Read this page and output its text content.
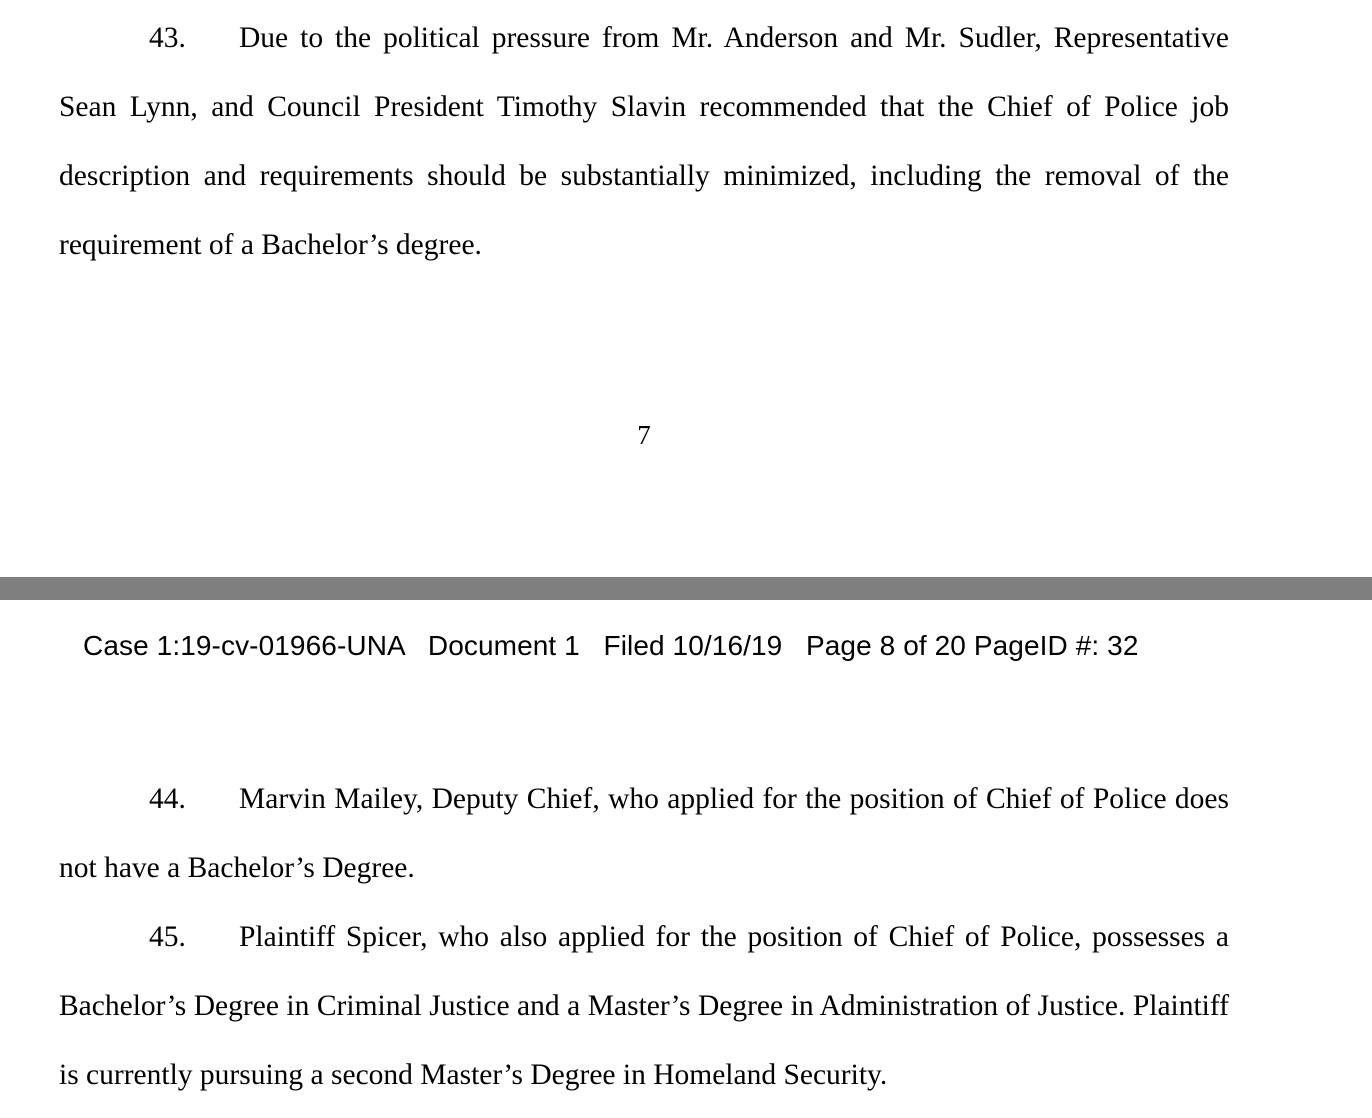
43. Due to the political pressure from Mr. Anderson and Mr. Sudler, Representative
Sean Lynn, and Council President Timothy Slavin recommended that the Chief of Police job
description and requirements should be substantially minimized, including the removal of the
requirement of a Bachelor’s degree.
7
Case 1:19-cv-01966-UNA   Document 1   Filed 10/16/19   Page 8 of 20 PageID #: 32
44. Marvin Mailey, Deputy Chief, who applied for the position of Chief of Police does
not have a Bachelor’s Degree.
45. Plaintiff Spicer, who also applied for the position of Chief of Police, possesses a
Bachelor’s Degree in Criminal Justice and a Master’s Degree in Administration of Justice. Plaintiff
is currently pursuing a second Master’s Degree in Homeland Security.
